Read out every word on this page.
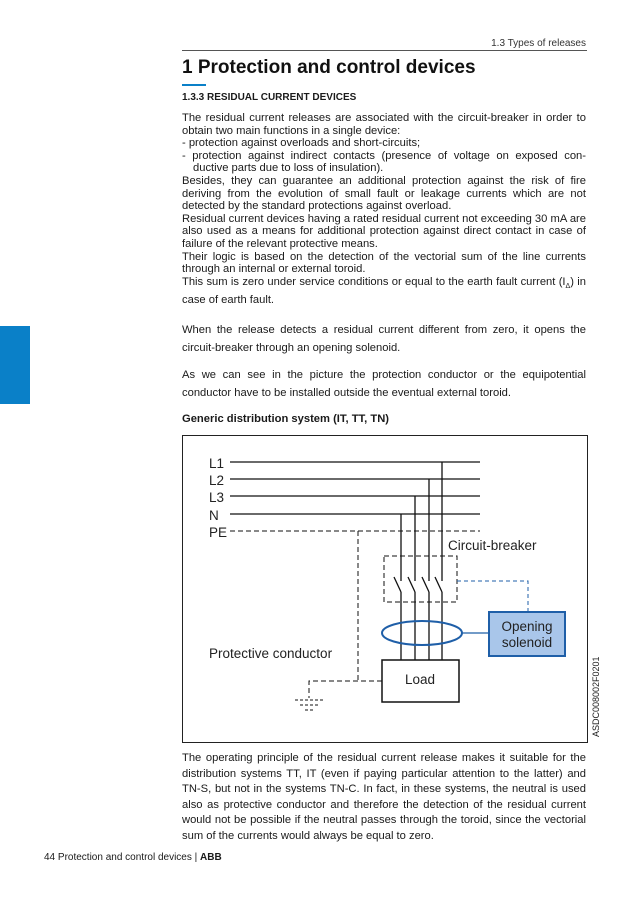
1.3 Types of releases
1 Protection and control devices
1.3.3 RESIDUAL CURRENT DEVICES
The residual current releases are associated with the circuit-breaker in order to obtain two main functions in a single device:
- protection against overloads and short-circuits;
- protection against indirect contacts (presence of voltage on exposed con- ductive parts due to loss of insulation).
Besides, they can guarantee an additional protection against the risk of fire deriving from the evolution of small fault or leakage currents which are not detected by the standard protections against overload.
Residual current devices having a rated residual current not exceeding 30 mA are also used as a means for additional protection against direct contact in case of failure of the relevant protective means.
Their logic is based on the detection of the vectorial sum of the line currents through an internal or external toroid.
This sum is zero under service conditions or equal to the earth fault current $(I_\Delta)$ in case of earth fault.

When the release detects a residual current different from zero, it opens the circuit-breaker through an opening solenoid.

As we can see in the picture the protection conductor or the equipotential conductor have to be installed outside the eventual external toroid.

Generic distribution system (IT, TT, TN)
L1
L2
L3
N
PE
Circuit-breaker
Opening
solenoid
Load
Protective conductor
ASDC008002F0201

The operating principle of the residual current release makes it suitable for the distribution systems TT, IT (even if paying particular attention to the latter) and TN-S, but not in the systems TN-C. In fact, in these systems, the neutral is used also as protective conductor and therefore the detection of the residual current would not be possible if the neutral passes through the toroid, since the vectorial sum of the currents would always be equal to zero.

44 Protection and control devices | ABB
